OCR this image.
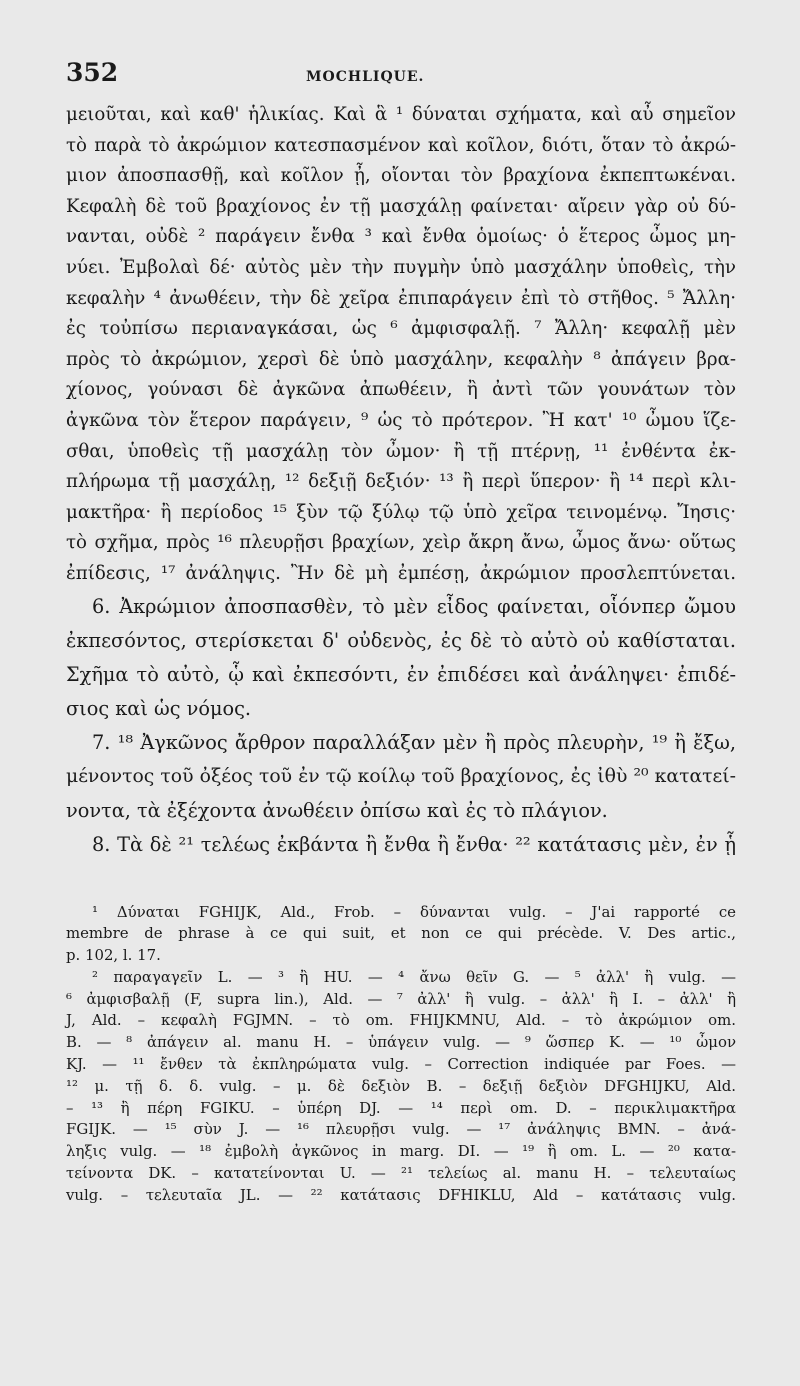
352	MOCHLIQUE.
μειοῦται, καὶ καθ' ἡλικίας. Καὶ ἃ ¹ δύναται σχήματα, καὶ αὖ σημεῖον
τὸ παρὰ τὸ ἀκρώμιον κατεσπασμένον καὶ κοῖλον, διότι, ὅταν τὸ ἀκρώ-
μιον ἀποσπασθῇ, καὶ κοῖλον ᾖ, οἴονται τὸν βραχίονα ἐκπεπτωκέναι.
Κεφαλὴ δὲ τοῦ βραχίονος ἐν τῇ μασχάλῃ φαίνεται· αἴρειν γὰρ οὐ δύ-
νανται, οὐδὲ ² παράγειν ἔνθα ³ καὶ ἔνθα ὁμοίως· ὁ ἕτερος ὦμος μη-
νύει. Ἐμβολαὶ δέ· αὐτὸς μὲν τὴν πυγμὴν ὑπὸ μασχάλην ὑποθεὶς, τὴν
κεφαλὴν ⁴ ἀνωθέειν, τὴν δὲ χεῖρα ἐπιπαράγειν ἐπὶ τὸ στῆθος. ⁵ Ἄλλη·
ἐς τοὐπίσω περιαναγκάσαι, ὡς ⁶ ἀμφισφαλῇ. ⁷ Ἄλλη· κεφαλῇ μὲν
πρὸς τὸ ἀκρώμιον, χερσὶ δὲ ὑπὸ μασχάλην, κεφαλὴν ⁸ ἀπάγειν βρα-
χίονος, γούνασι δὲ ἀγκῶνα ἀπωθέειν, ἢ ἀντὶ τῶν γουνάτων τὸν
ἀγκῶνα τὸν ἕτερον παράγειν, ⁹ ὡς τὸ πρότερον. Ἢ κατ' ¹⁰ ὦμου ἵζε-
σθαι, ὑποθεὶς τῇ μασχάλῃ τὸν ὦμον· ἢ τῇ πτέρνῃ, ¹¹ ἐνθέντα ἐκ-
πλήρωμα τῇ μασχάλῃ, ¹² δεξιῇ δεξιόν· ¹³ ἢ περὶ ὕπερον· ἢ ¹⁴ περὶ κλι-
μακτῆρα· ἢ περίοδος ¹⁵ ξὺν τῷ ξύλῳ τῷ ὑπὸ χεῖρα τεινομένῳ. Ἴησις·
τὸ σχῆμα, πρὸς ¹⁶ πλευρῇσι βραχίων, χεὶρ ἄκρη ἄνω, ὦμος ἄνω· οὕτως
ἐπίδεσις, ¹⁷ ἀνάληψις. Ἢν δὲ μὴ ἐμπέσῃ, ἀκρώμιον προσλεπτύνεται.
6. Ἀκρώμιον ἀποσπασθὲν, τὸ μὲν εἶδος φαίνεται, οἷόνπερ ὤμου
ἐκπεσόντος, στερίσκεται δ' οὐδενὸς, ἐς δὲ τὸ αὐτὸ οὐ καθίσταται.
Σχῆμα τὸ αὐτὸ, ᾧ καὶ ἐκπεσόντι, ἐν ἐπιδέσει καὶ ἀνάληψει· ἐπιδέ-
σιος καὶ ὡς νόμος.
7. ¹⁸ Ἀγκῶνος ἄρθρον παραλλάξαν μὲν ἢ πρὸς πλευρὴν, ¹⁹ ἢ ἔξω,
μένοντος τοῦ ὀξέος τοῦ ἐν τῷ κοίλῳ τοῦ βραχίονος, ἐς ἰθὺ ²⁰ κατατεί-
νοντα, τὰ ἐξέχοντα ἀνωθέειν ὀπίσω καὶ ἐς τὸ πλάγιον.
8. Τὰ δὲ ²¹ τελέως ἐκβάντα ἢ ἔνθα ἢ ἔνθα· ²² κατάτασις μὲν, ἐν ᾗ
¹ Δύναται FGHIJK, Ald., Frob. – δύνανται vulg. – J'ai rapporté ce
membre de phrase à ce qui suit, et non ce qui précède. V. Des artic.,
p. 102, l. 17.
² παραγαγεῖν L. — ³ ἢ HU. — ⁴ ἄνω θεῖν G. — ⁵ ἀλλ' ἢ vulg. —
⁶ ἀμφισβαλῇ (F, supra lin.), Ald. — ⁷ ἀλλ' ἢ vulg. – ἀλλ' ἢ I. – ἀλλ' ἢ
J, Ald. – κεφαλὴ FGJMN. – τὸ om. FHIJKMNU, Ald. – τὸ ἀκρώμιον om.
B. — ⁸ ἀπάγειν al. manu H. – ὑπάγειν vulg. — ⁹ ὥσπερ K. — ¹⁰ ὦμον
KJ. — ¹¹ ἔνθεν τὰ ἐκπληρώματα vulg. – Correction indiquée par Foes. —
¹² μ. τῇ δ. δ. vulg. – μ. δὲ δεξιὸν B. – δεξιῇ δεξιὸν DFGHIJKU, Ald.
– ¹³ ἢ πέρη FGIKU. – ὑπέρη DJ. — ¹⁴ περὶ om. D. – περικλιμακτῆρα
FGIJK. — ¹⁵ σὺν J. — ¹⁶ πλευρῇσι vulg. — ¹⁷ ἀνάληψις BMN. – ἀνά-
ληξις vulg. — ¹⁸ ἐμβολὴ ἀγκῶνος in marg. DI. — ¹⁹ ἢ om. L. — ²⁰ κατα-
τείνοντα DK. – κατατείνονται U. — ²¹ τελείως al. manu H. – τελευταίως
vulg. – τελευταῖα JL. — ²² κατάτασις DFHIKLU, Ald – κατάτασις vulg.
